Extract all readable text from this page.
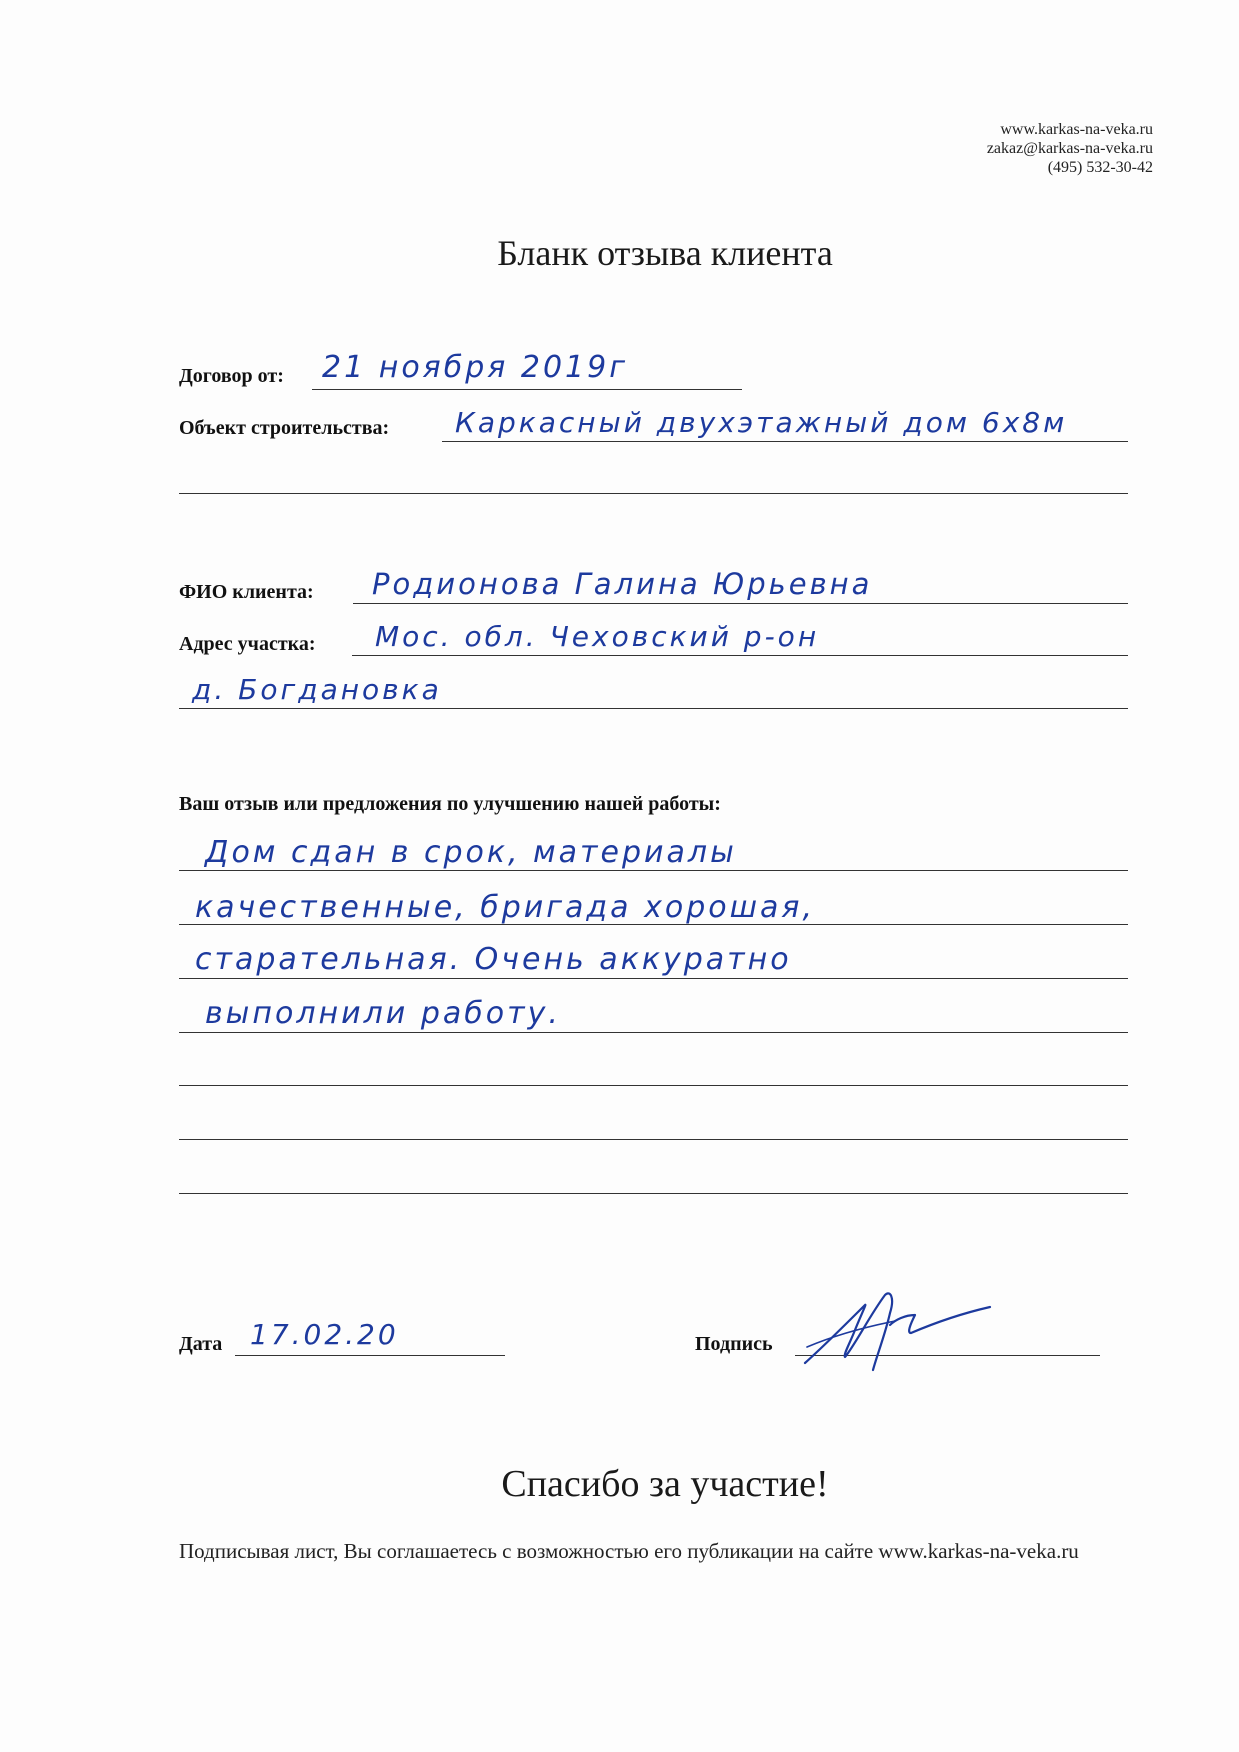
www.karkas-na-veka.ru
zakaz@karkas-na-veka.ru
(495) 532-30-42
Бланк отзыва клиента
Договор от: 21 ноября 2019г
Объект строительства: Каркасный двухэтажный дом 6х8м
ФИО клиента: Родионова Галина Юрьевна
Адрес участка: Мос. обл. Чеховский р-он
д. Богдановка
Ваш отзыв или предложения по улучшению нашей работы:
Дом сдан в срок, материалы
качественные, бригада хорошая,
старательная. Очень аккуратно
выполнили работу.
Дата 17.02.20	Подпись
Спасибо за участие!
Подписывая лист, Вы соглашаетесь с возможностью его публикации на сайте www.karkas-na-veka.ru
